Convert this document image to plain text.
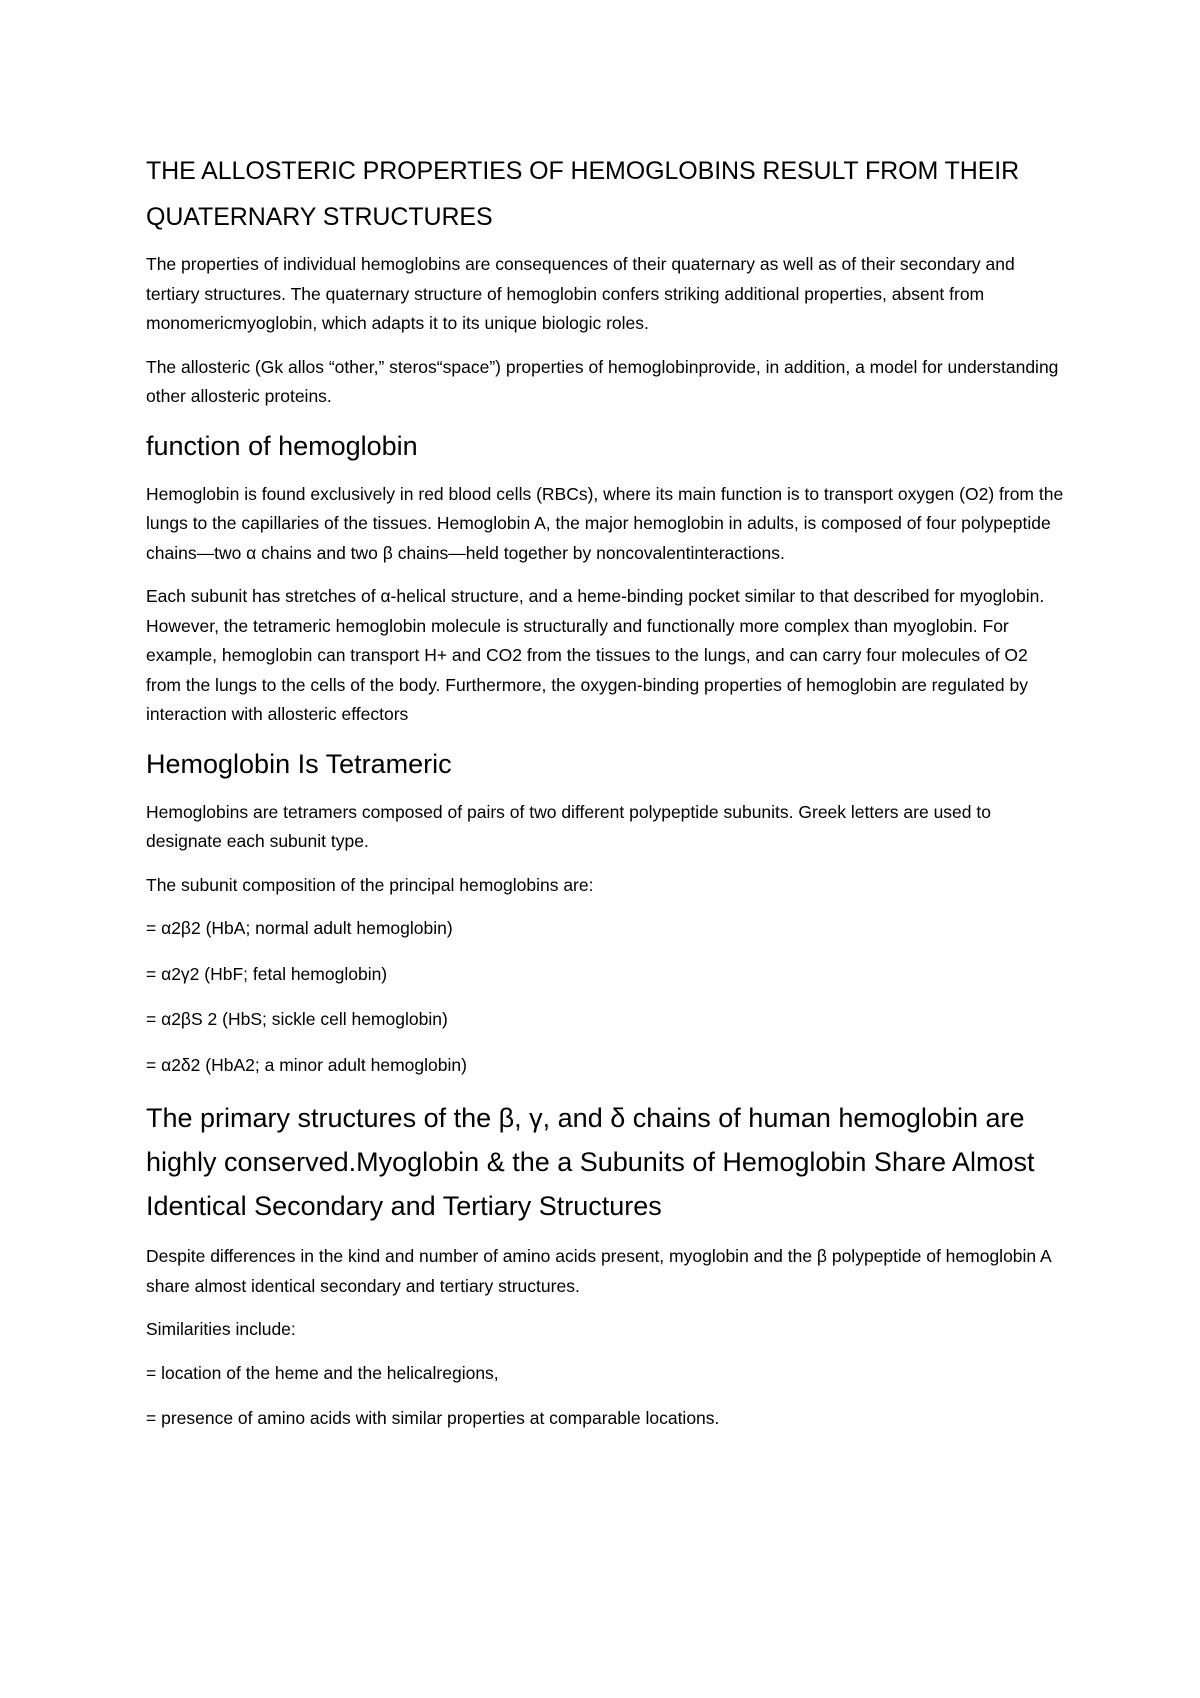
THE ALLOSTERIC PROPERTIES OF HEMOGLOBINS RESULT FROM THEIR QUATERNARY STRUCTURES

The properties of individual hemoglobins are consequences of their quaternary as well as of their secondary and tertiary structures. The quaternary structure of hemoglobin confers striking additional properties, absent from monomericmyoglobin, which adapts it to its unique biologic roles.

The allosteric (Gk allos “other,” steros“space”) properties of hemoglobinprovide, in addition, a model for understanding other allosteric proteins.

function of hemoglobin

Hemoglobin is found exclusively in red blood cells (RBCs), where its main function is to transport oxygen (O2) from the lungs to the capillaries of the tissues. Hemoglobin A, the major hemoglobin in adults, is composed of four polypeptide chains—two α chains and two β chains—held together by noncovalentinteractions.

Each subunit has stretches of α-helical structure, and a heme-binding pocket similar to that described for myoglobin. However, the tetrameric hemoglobin molecule is structurally and functionally more complex than myoglobin. For example, hemoglobin can transport H+ and CO2 from the tissues to the lungs, and can carry four molecules of O2 from the lungs to the cells of the body. Furthermore, the oxygen-binding properties of hemoglobin are regulated by interaction with allosteric effectors

Hemoglobin Is Tetrameric

Hemoglobins are tetramers composed of pairs of two different polypeptide subunits. Greek letters are used to designate each subunit type.

The subunit composition of the principal hemoglobins are:

= α2β2 (HbA; normal adult hemoglobin)

= α2γ2 (HbF; fetal hemoglobin)

= α2βS 2 (HbS; sickle cell hemoglobin)

= α2δ2 (HbA2; a minor adult hemoglobin)

The primary structures of the β, γ, and δ chains of human hemoglobin are highly conserved.Myoglobin & the a Subunits of Hemoglobin Share Almost Identical Secondary and Tertiary Structures

Despite differences in the kind and number of amino acids present, myoglobin and the β polypeptide of hemoglobin A share almost identical secondary and tertiary structures.

Similarities include:

= location of the heme and the helicalregions,

= presence of amino acids with similar properties at comparable locations.
